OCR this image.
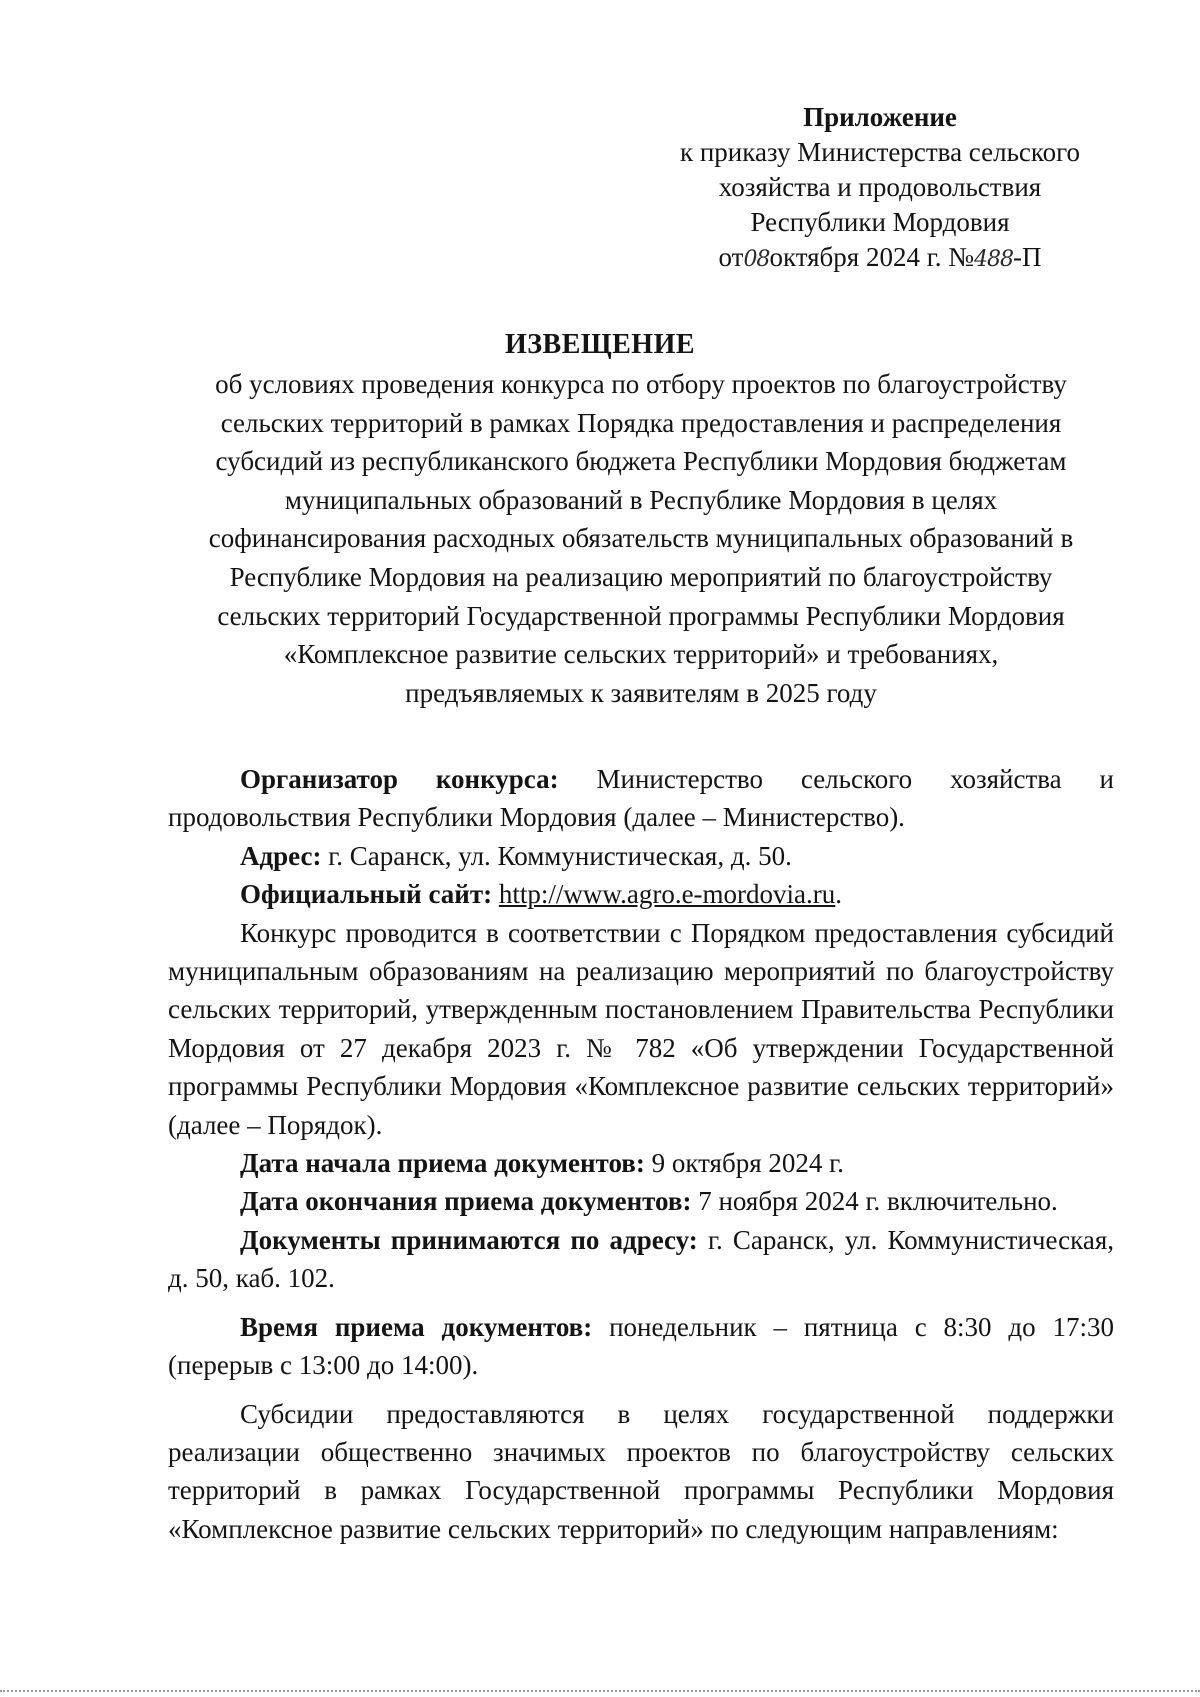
Приложение
к приказу Министерства сельского
хозяйства и продовольствия
Республики Мордовия
от08октября 2024 г. №488-П
ИЗВЕЩЕНИЕ
об условиях проведения конкурса по отбору проектов по благоустройству
сельских территорий в рамках Порядка предоставления и распределения
субсидий из республиканского бюджета Республики Мордовия бюджетам
муниципальных образований в Республике Мордовия в целях
софинансирования расходных обязательств муниципальных образований в
Республике Мордовия на реализацию мероприятий по благоустройству
сельских территорий Государственной программы Республики Мордовия
«Комплексное развитие сельских территорий» и требованиях,
предъявляемых к заявителям в 2025 году

Организатор конкурса: Министерство сельского хозяйства и продовольствия Республики Мордовия (далее – Министерство).

Адрес: г. Саранск, ул. Коммунистическая, д. 50.

Официальный сайт: http://www.agro.e-mordovia.ru.

Конкурс проводится в соответствии с Порядком предоставления субсидий муниципальным образованиям на реализацию мероприятий по благоустройству сельских территорий, утвержденным постановлением Правительства Республики Мордовия от 27 декабря 2023 г. № 782 «Об утверждении Государственной программы Республики Мордовия «Комплексное развитие сельских территорий» (далее – Порядок).

Дата начала приема документов: 9 октября 2024 г.

Дата окончания приема документов: 7 ноября 2024 г. включительно.

Документы принимаются по адресу: г. Саранск, ул. Коммунистическая, д. 50, каб. 102.

Время приема документов: понедельник – пятница с 8:30 до 17:30 (перерыв с 13:00 до 14:00).

Субсидии предоставляются в целях государственной поддержки реализации общественно значимых проектов по благоустройству сельских территорий в рамках Государственной программы Республики Мордовия «Комплексное развитие сельских территорий» по следующим направлениям:
